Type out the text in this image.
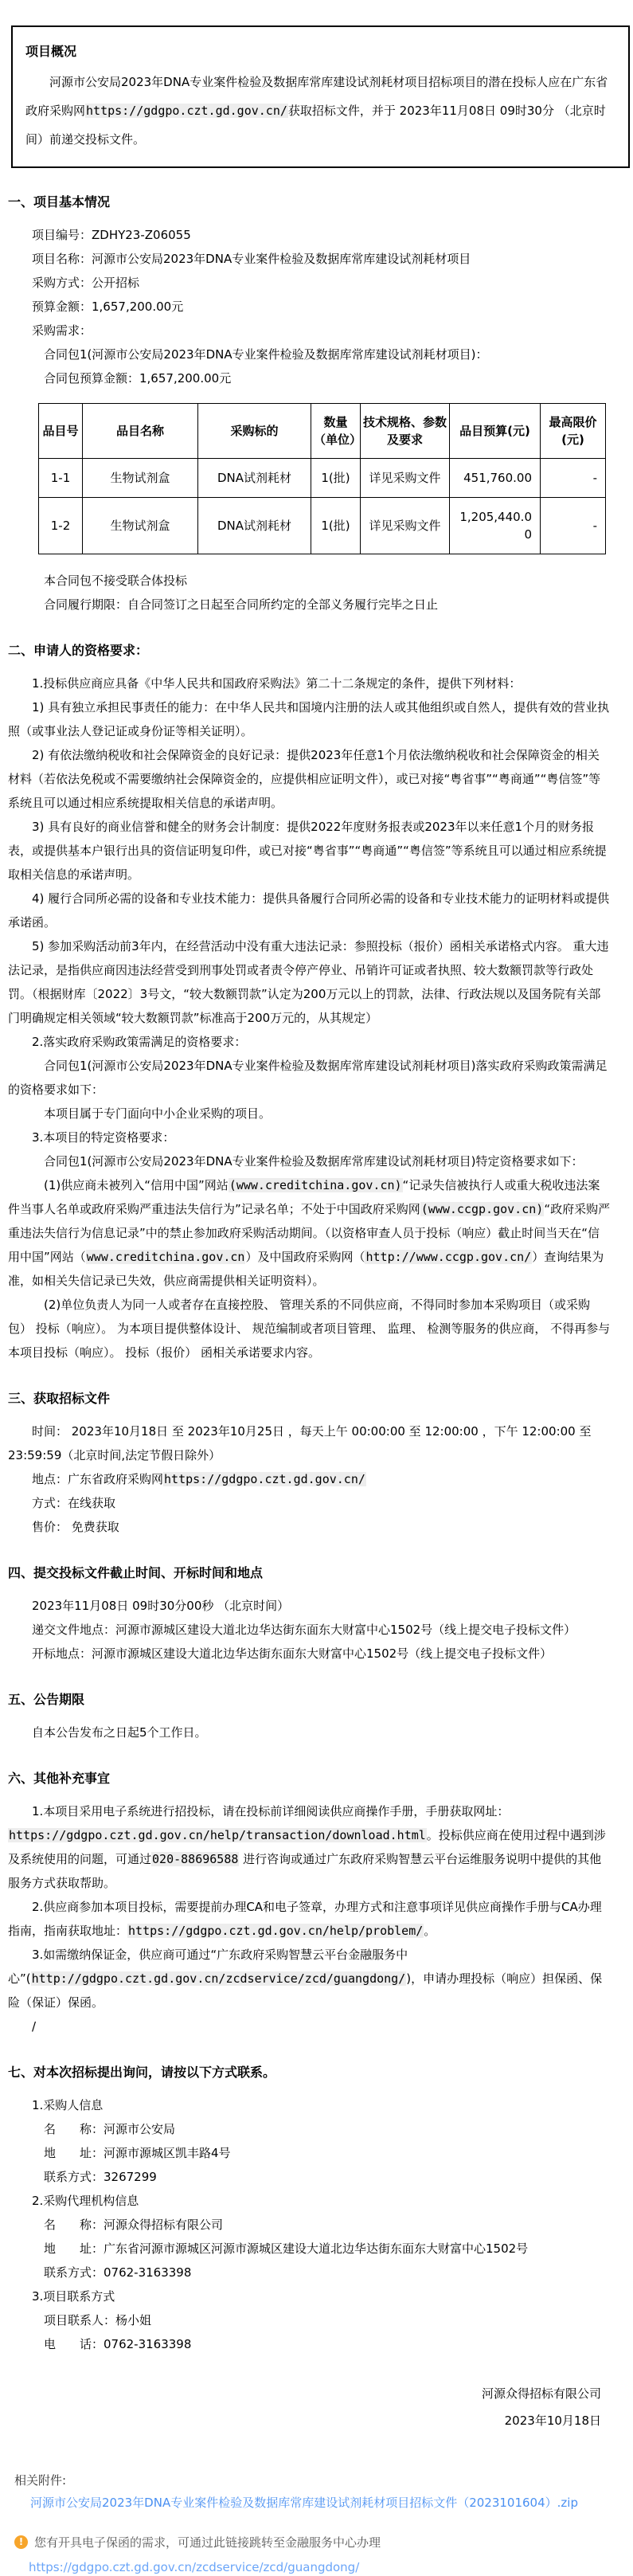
项目概况

河源市公安局2023年DNA专业案件检验及数据库常库建设试剂耗材项目招标项目的潜在投标人应在广东省政府采购网https://gdgpo.czt.gd.gov.cn/获取招标文件，并于 2023年11月08日 09时30分 （北京时间）前递交投标文件。

一、项目基本情况

项目编号：ZDHY23-Z06055

项目名称：河源市公安局2023年DNA专业案件检验及数据库常库建设试剂耗材项目

采购方式：公开招标

预算金额：1,657,200.00元

采购需求：

合同包1(河源市公安局2023年DNA专业案件检验及数据库常库建设试剂耗材项目)：

合同包预算金额：1,657,200.00元

品目号	品目名称	采购标的	数量（单位）	技术规格、参数及要求	品目预算(元)	最高限价(元)
1-1	生物试剂盒	DNA试剂耗材	1(批)	详见采购文件	451,760.00	-
1-2	生物试剂盒	DNA试剂耗材	1(批)	详见采购文件	1,205,440.00	-

本合同包不接受联合体投标

合同履行期限：自合同签订之日起至合同所约定的全部义务履行完毕之日止

二、申请人的资格要求：

1.投标供应商应具备《中华人民共和国政府采购法》第二十二条规定的条件，提供下列材料：

1) 具有独立承担民事责任的能力：在中华人民共和国境内注册的法人或其他组织或自然人，提供有效的营业执照（或事业法人登记证或身份证等相关证明）。

2) 有依法缴纳税收和社会保障资金的良好记录：提供2023年任意1个月依法缴纳税收和社会保障资金的相关材料（若依法免税或不需要缴纳社会保障资金的，应提供相应证明文件），或已对接“粤省事”“粤商通”“粤信签”等系统且可以通过相应系统提取相关信息的承诺声明。

3) 具有良好的商业信誉和健全的财务会计制度：提供2022年度财务报表或2023年以来任意1个月的财务报表，或提供基本户银行出具的资信证明复印件，或已对接“粤省事”“粤商通”“粤信签”等系统且可以通过相应系统提取相关信息的承诺声明。

4) 履行合同所必需的设备和专业技术能力：提供具备履行合同所必需的设备和专业技术能力的证明材料或提供承诺函。

5) 参加采购活动前3年内，在经营活动中没有重大违法记录：参照投标（报价）函相关承诺格式内容。 重大违法记录，是指供应商因违法经营受到刑事处罚或者责令停产停业、吊销许可证或者执照、较大数额罚款等行政处罚。（根据财库〔2022〕3号文，“较大数额罚款”认定为200万元以上的罚款，法律、行政法规以及国务院有关部门明确规定相关领域“较大数额罚款”标准高于200万元的，从其规定）

2.落实政府采购政策需满足的资格要求：

合同包1(河源市公安局2023年DNA专业案件检验及数据库常库建设试剂耗材项目)落实政府采购政策需满足的资格要求如下：

本项目属于专门面向中小企业采购的项目。

3.本项目的特定资格要求：

合同包1(河源市公安局2023年DNA专业案件检验及数据库常库建设试剂耗材项目)特定资格要求如下：

(1)供应商未被列入“信用中国”网站(www.creditchina.gov.cn)“记录失信被执行人或重大税收违法案件当事人名单或政府采购严重违法失信行为”记录名单；不处于中国政府采购网(www.ccgp.gov.cn)“政府采购严重违法失信行为信息记录”中的禁止参加政府采购活动期间。（以资格审查人员于投标（响应）截止时间当天在“信用中国”网站（www.creditchina.gov.cn）及中国政府采购网（http://www.ccgp.gov.cn/）查询结果为准，如相关失信记录已失效，供应商需提供相关证明资料）。

(2)单位负责人为同一人或者存在直接控股、 管理关系的不同供应商，不得同时参加本采购项目（或采购包） 投标（响应）。 为本项目提供整体设计、 规范编制或者项目管理、 监理、 检测等服务的供应商， 不得再参与本项目投标（响应）。 投标（报价） 函相关承诺要求内容。

三、获取招标文件

时间： 2023年10月18日 至 2023年10月25日 ，每天上午 00:00:00 至 12:00:00 ，下午 12:00:00 至 23:59:59（北京时间,法定节假日除外）

地点：广东省政府采购网https://gdgpo.czt.gd.gov.cn/

方式：在线获取

售价： 免费获取

四、提交投标文件截止时间、开标时间和地点

2023年11月08日 09时30分00秒 （北京时间）

递交文件地点：河源市源城区建设大道北边华达街东面东大财富中心1502号（线上提交电子投标文件）

开标地点：河源市源城区建设大道北边华达街东面东大财富中心1502号（线上提交电子投标文件）

五、公告期限

自本公告发布之日起5个工作日。

六、其他补充事宜

1.本项目采用电子系统进行招投标，请在投标前详细阅读供应商操作手册，手册获取网址：https://gdgpo.czt.gd.gov.cn/help/transaction/download.html。投标供应商在使用过程中遇到涉及系统使用的问题，可通过020-88696588 进行咨询或通过广东政府采购智慧云平台运维服务说明中提供的其他服务方式获取帮助。

2.供应商参加本项目投标，需要提前办理CA和电子签章，办理方式和注意事项详见供应商操作手册与CA办理指南，指南获取地址：https://gdgpo.czt.gd.gov.cn/help/problem/。

3.如需缴纳保证金，供应商可通过“广东政府采购智慧云平台金融服务中心”(http://gdgpo.czt.gd.gov.cn/zcdservice/zcd/guangdong/)，申请办理投标（响应）担保函、保险（保证）保函。

/

七、对本次招标提出询问，请按以下方式联系。

1.采购人信息

名　　称：河源市公安局

地　　址：河源市源城区凯丰路4号

联系方式：3267299

2.采购代理机构信息

名　　称：河源众得招标有限公司

地　　址：广东省河源市源城区河源市源城区建设大道北边华达街东面东大财富中心1502号

联系方式：0762-3163398

3.项目联系方式

项目联系人：杨小姐

电　　话：0762-3163398

河源众得招标有限公司
2023年10月18日
相关附件:
河源市公安局2023年DNA专业案件检验及数据库常库建设试剂耗材项目招标文件（2023101604）.zip
! 您有开具电子保函的需求，可通过此链接跳转至金融服务中心办理
https://gdgpo.czt.gd.gov.cn/zcdservice/zcd/guangdong/
